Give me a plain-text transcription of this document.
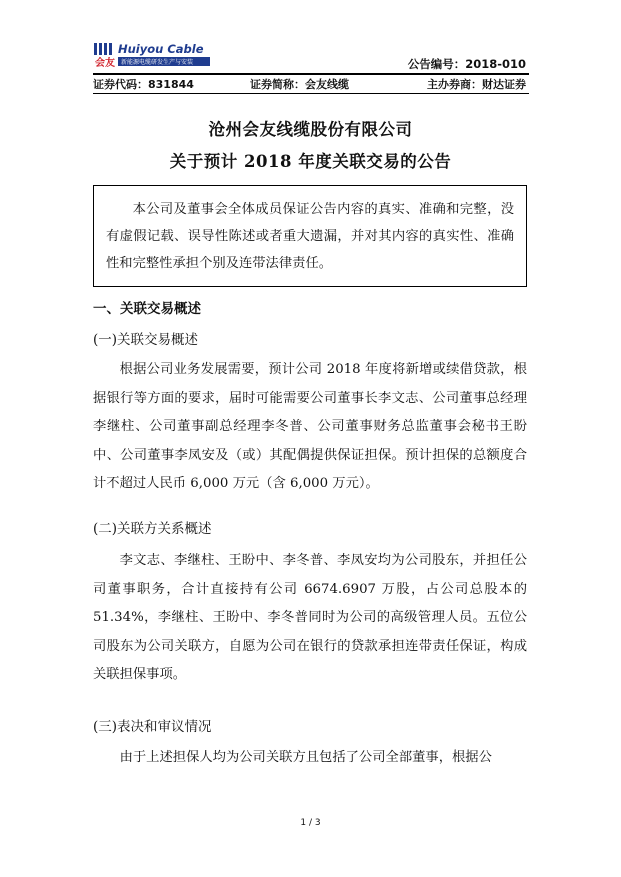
会友
Huiyou Cable
新能源电缆研发生产与安装	公告编号：2018-010
证券代码：831844	证券简称：会友线缆	主办券商：财达证券
沧州会友线缆股份有限公司
关于预计 2018 年度关联交易的公告
本公司及董事会全体成员保证公告内容的真实、准确和完整，没有虚假记载、误导性陈述或者重大遗漏，并对其内容的真实性、准确性和完整性承担个别及连带法律责任。
一、关联交易概述
(一)关联交易概述

根据公司业务发展需要，预计公司 2018 年度将新增或续借贷款，根据银行等方面的要求，届时可能需要公司董事长李文志、公司董事总经理李继柱、公司董事副总经理李冬普、公司董事财务总监董事会秘书王盼中、公司董事李凤安及（或）其配偶提供保证担保。预计担保的总额度合计不超过人民币 6,000 万元（含 6,000 万元）。

(二)关联方关系概述

李文志、李继柱、王盼中、李冬普、李凤安均为公司股东，并担任公司董事职务，合计直接持有公司 6674.6907 万股，占公司总股本的 51.34%，李继柱、王盼中、李冬普同时为公司的高级管理人员。五位公司股东为公司关联方，自愿为公司在银行的贷款承担连带责任保证，构成关联担保事项。

(三)表决和审议情况

由于上述担保人均为公司关联方且包括了公司全部董事，根据公

1 / 3
